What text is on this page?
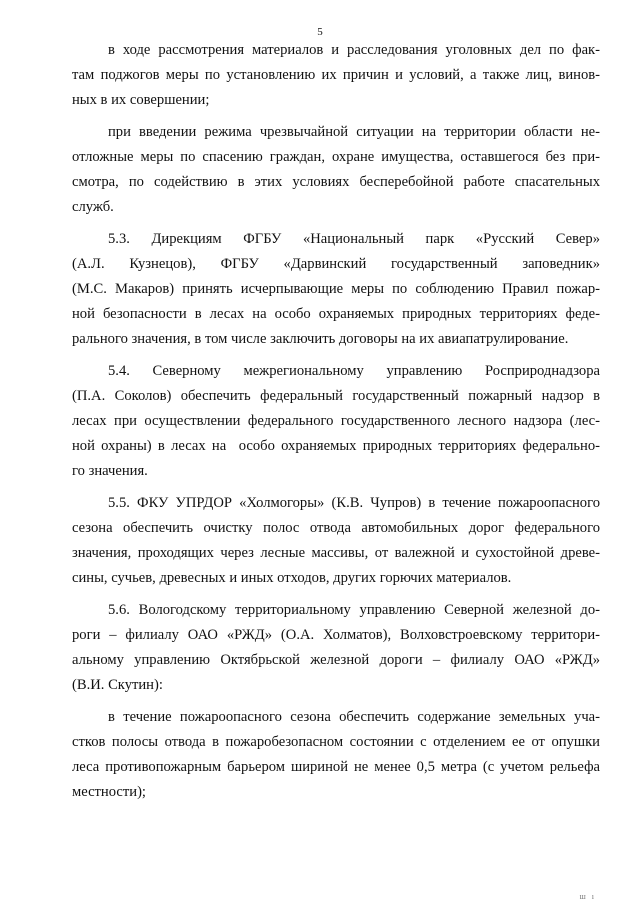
5
в ходе рассмотрения материалов и расследования уголовных дел по фак-
там поджогов меры по установлению их причин и условий, а также лиц, винов-
ных в их совершении;
при введении режима чрезвычайной ситуации на территории области не-
отложные меры по спасению граждан, охране имущества, оставшегося без при-
смотра, по содействию в этих условиях бесперебойной работе спасательных
служб.
5.3.   Дирекциям   ФГБУ   «Национальный   парк   «Русский   Север»
(А.Л.    Кузнецов),    ФГБУ    «Дарвинский    государственный    заповедник»
(М.С. Макаров) принять исчерпывающие меры по соблюдению Правил пожар-
ной безопасности в лесах на особо охраняемых природных территориях феде-
рального значения, в том числе заключить договоры на их авиапатрулирование.
5.4.   Северному   межрегиональному   управлению   Росприроднадзора
(П.А. Соколов) обеспечить федеральный государственный пожарный надзор в
лесах при осуществлении федерального государственного лесного надзора (лес-
ной охраны) в лесах на  особо охраняемых природных территориях федерально-
го значения.
5.5. ФКУ УПРДОР «Холмогоры» (К.В. Чупров) в течение пожароопасного
сезона обеспечить очистку полос отвода автомобильных дорог федерального
значения, проходящих через лесные массивы, от валежной и сухостойной древе-
сины, сучьев, древесных и иных отходов, других горючих материалов.
5.6. Вологодскому территориальному управлению Северной железной до-
роги – филиалу ОАО «РЖД» (О.А. Холматов), Волховстроевскому территори-
альному управлению Октябрьской железной дороги – филиалу ОАО «РЖД»
(В.И. Скутин):
в течение пожароопасного сезона обеспечить содержание земельных уча-
стков полосы отвода в пожаробезопасном состоянии с отделением ее от опушки
леса противопожарным барьером шириной не менее 0,5 метра (с учетом рельефа
местности);
ш ı
